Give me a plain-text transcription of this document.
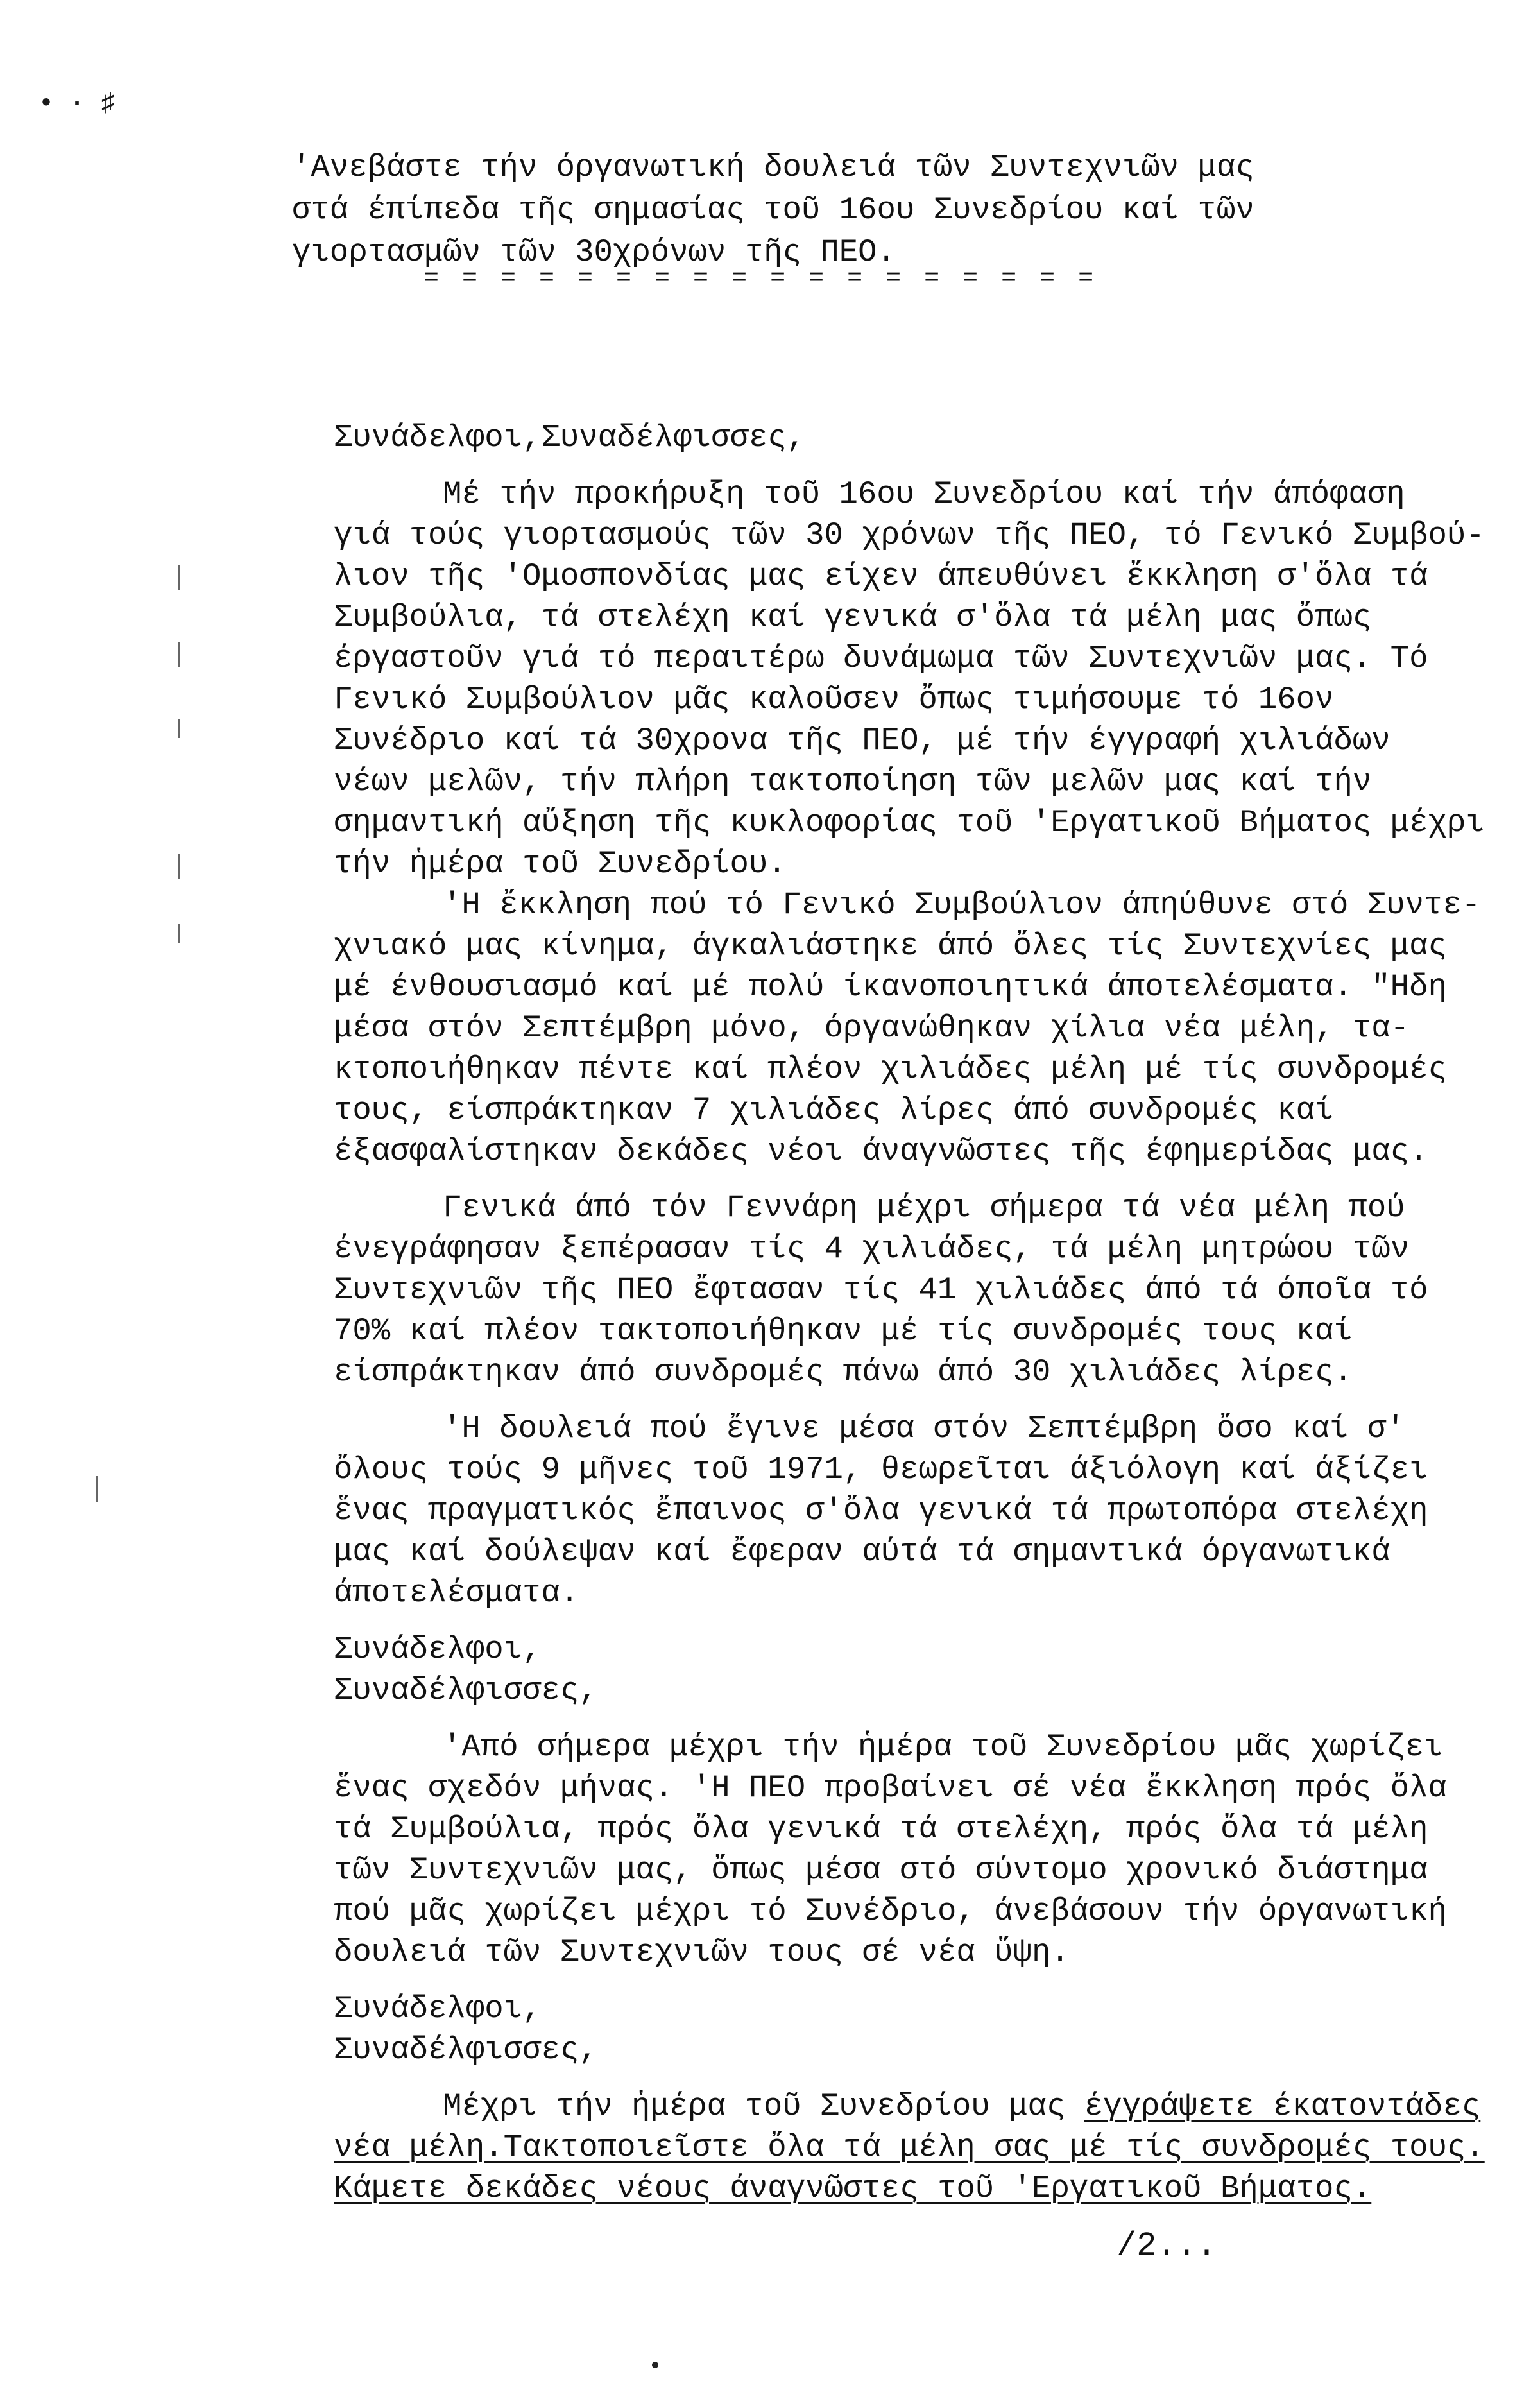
• · ♯
'Ανεβάστε τήν όργανωτική δουλειά τῶν Συντεχνιῶν μας
στά έπίπεδα τῆς σημασίας τοῦ 16ου Συνεδρίου καί τῶν
γιορτασμῶν τῶν 30χρόνων τῆς ΠΕΟ.
= = = = = = = = = = = = = = = = = =

Συνάδελφοι,Συναδέλφισσες,

Μέ τήν προκήρυξη τοῦ 16ου Συνεδρίου καί τήν άπόφαση
γιά τούς γιορτασμούς τῶν 30 χρόνων τῆς ΠΕΟ, τό Γενικό Συμβού-
λιον τῆς 'Ομοσπονδίας μας είχεν άπευθύνει ἔκκληση σ'ὄλα τά
Συμβούλια, τά στελέχη καί γενικά σ'ὄλα τά μέλη μας ὄπως
έργαστοῦν γιά τό περαιτέρω δυνάμωμα τῶν Συντεχνιῶν μας. Τό
Γενικό Συμβούλιον μᾶς καλοῦσεν ὄπως τιμήσουμε τό 16ον
Συνέδριο καί τά 30χρονα τῆς ΠΕΟ, μέ τήν έγγραφή χιλιάδων
νέων μελῶν, τήν πλήρη τακτοποίηση τῶν μελῶν μας καί τήν
σημαντική αὔξηση τῆς κυκλοφορίας τοῦ 'Εργατικοῦ Βήματος μέχρι
τήν ἡμέρα τοῦ Συνεδρίου.

'Η ἔκκληση πού τό Γενικό Συμβούλιον άπηύθυνε στό Συντε-
χνιακό μας κίνημα, άγκαλιάστηκε άπό ὄλες τίς Συντεχνίες μας
μέ ένθουσιασμό καί μέ πολύ ίκανοποιητικά άποτελέσματα. "Ηδη
μέσα στόν Σεπτέμβρη μόνο, όργανώθηκαν χίλια νέα μέλη, τα-
κτοποιήθηκαν πέντε καί πλέον χιλιάδες μέλη μέ τίς συνδρομές
τους, είσπράκτηκαν 7 χιλιάδες λίρες άπό συνδρομές καί
έξασφαλίστηκαν δεκάδες νέοι άναγνῶστες τῆς έφημερίδας μας.

Γενικά άπό τόν Γεννάρη μέχρι σήμερα τά νέα μέλη πού
ένεγράφησαν ξεπέρασαν τίς 4 χιλιάδες, τά μέλη μητρώου τῶν
Συντεχνιῶν τῆς ΠΕΟ ἔφτασαν τίς 41 χιλιάδες άπό τά όποῖα τό
70% καί πλέον τακτοποιήθηκαν μέ τίς συνδρομές τους καί
είσπράκτηκαν άπό συνδρομές πάνω άπό 30 χιλιάδες λίρες.

'Η δουλειά πού ἔγινε μέσα στόν Σεπτέμβρη ὄσο καί σ'
ὄλους τούς 9 μῆνες τοῦ 1971, θεωρεῖται άξιόλογη καί άξίζει
ἕνας πραγματικός ἔπαινος σ'ὄλα γενικά τά πρωτοπόρα στελέχη
μας καί δούλεψαν καί ἔφεραν αύτά τά σημαντικά όργανωτικά
άποτελέσματα.

Συνάδελφοι,
Συναδέλφισσες,

'Από σήμερα μέχρι τήν ἡμέρα τοῦ Συνεδρίου μᾶς χωρίζει
ἕνας σχεδόν μήνας. 'Η ΠΕΟ προβαίνει σέ νέα ἔκκληση πρός ὄλα
τά Συμβούλια, πρός ὄλα γενικά τά στελέχη, πρός ὄλα τά μέλη
τῶν Συντεχνιῶν μας, ὄπως μέσα στό σύντομο χρονικό διάστημα
πού μᾶς χωρίζει μέχρι τό Συνέδριο, άνεβάσουν τήν όργανωτική
δουλειά τῶν Συντεχνιῶν τους σέ νέα ὕψη.

Συνάδελφοι,
Συναδέλφισσες,

Μέχρι τήν ἡμέρα τοῦ Συνεδρίου μας έγγράψετε έκατοντάδες

νέα μέλη.Τακτοποιεῖστε ὄλα τά μέλη σας μέ τίς συνδρομές τους.

Κάμετε δεκάδες νέους άναγνῶστες τοῦ 'Εργατικοῦ Βήματος.

/2...
